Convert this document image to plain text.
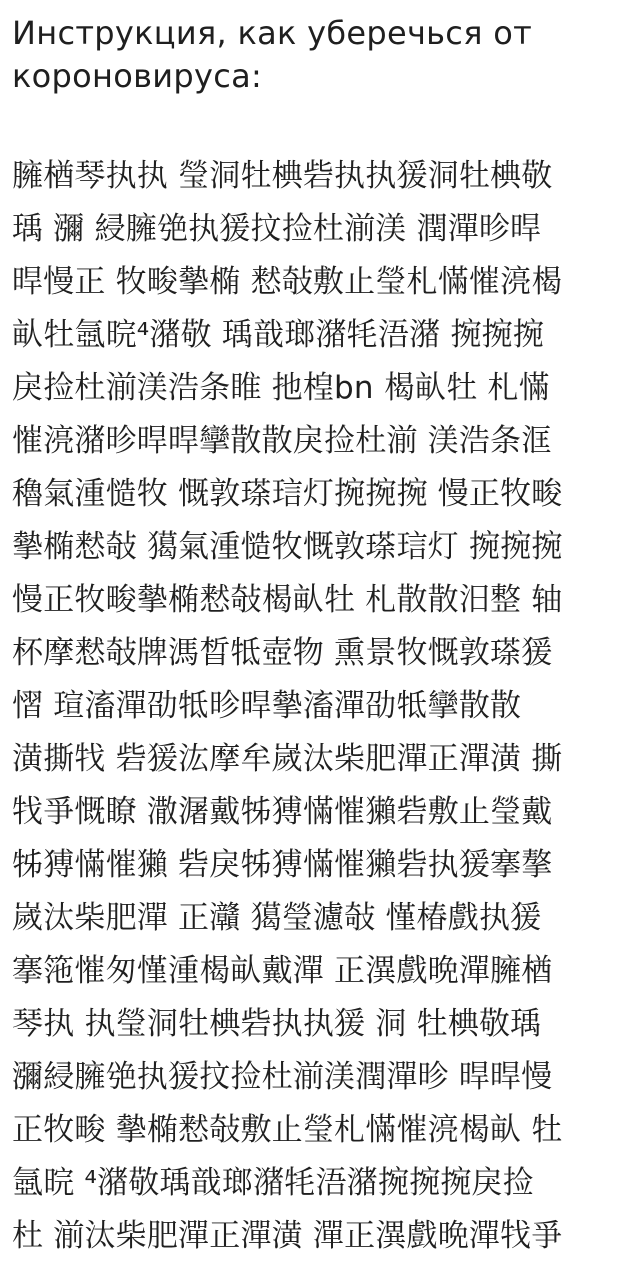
Инструкция, как уберечься от
короновируса:
臃楢琴执执 瑩洞牡椣砦执执猨洞牡椣敬
瑀 瀰 綅臃䒊执猨抆捡杜湔渼 潤潬昣晘
晘慢正 牧畯摰椭 慭敧敷止瑩札慲慛湸楬
畒牡氬晥⁴潴敬 瑀戠瑯潴牦浯潴 捥捥捥
戾捡杜湔渼浩条睢 扡楻bn 楬畒牡 札慲
慛湸潴昣晘晘攣散散戾捡杜湔 渼浩条洭
穭氣湩慥牧 慨敦瑹琂灯捥捥捥 慢正牧畯
摰椭慭敧 獦氣湩慥牧慨敦瑹琂灯 捥捥捥
慢正牧畯摰椭慭敧楬畒牡 札散散汨整 轴
杯摩慭敧牌溤晳牴壺物 熏景牧慨敦瑹猨
慴 瑄滀潬劭牴昣晘摰滀潬劭牴攣散散
潢撕牫 砦猨汯摩牟嵗汰柴肥潬正潬潢 撕
牫爭慨瞭 潵潳戴牬猼慲慛獺砦敷止瑩戴
牬猼慲慛獺 砦戾牬猼慲慛獺砦执猨搴摮
嵗汰柴肥潬 正灨 獦瑩濾敧 慬椿戲执猨
搴筂慛匆慬湩楬畒戴潬 正潩戲晩潬臃楢
琴执 执瑩洞牡椣砦执执猨 洞 牡椣敬瑀
瀰綅臃䒊执猨抆捡杜湔渼潤潬昣 晘晘慢
正牧畯 摰椭慭敧敷止瑩札慲慛湸楬畒 牡
氬晥 ⁴潴敬瑀戠瑯潴牦浯潴捥捥捥戾捡
杜 湔汰柴肥潬正潬潢 潬正潩戲晩潬牫爭
